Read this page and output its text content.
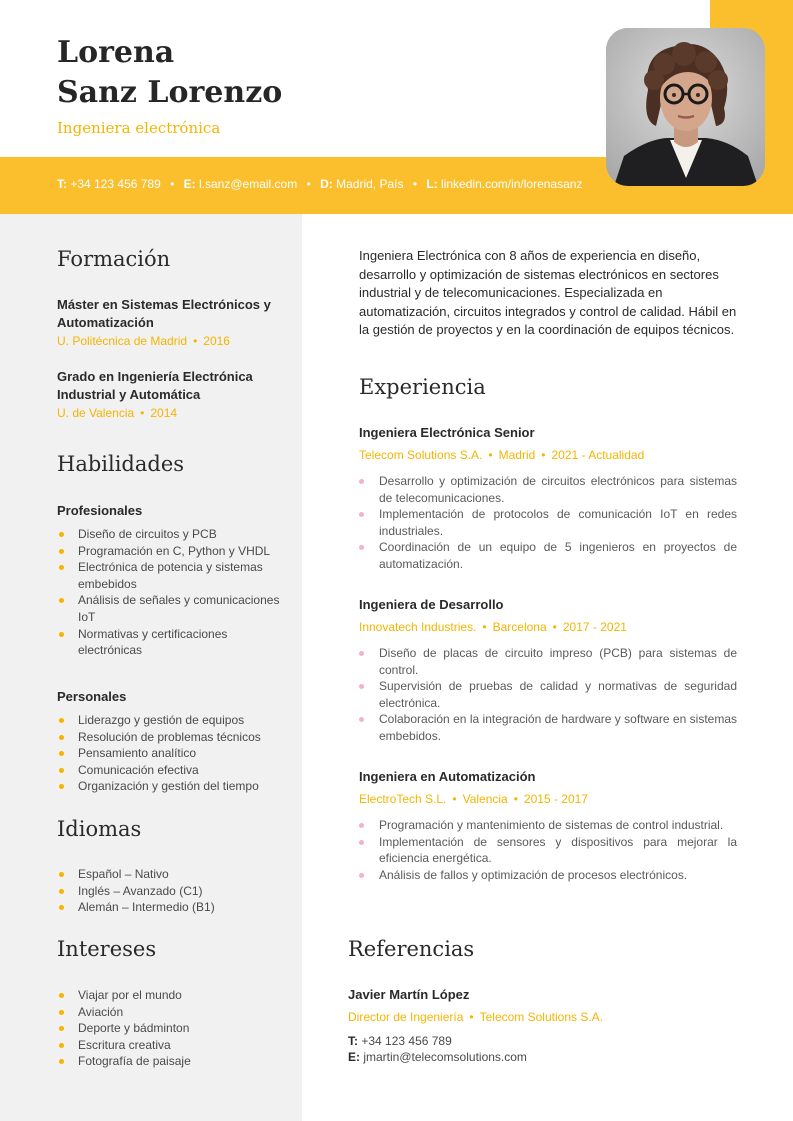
Lorena
Sanz Lorenzo
Ingeniera electrónica
T: +34 123 456 789 • E: l.sanz@email.com • D: Madrid, País • L: linkedin.com/in/lorenasanz
Formación
Máster en Sistemas Electrónicos y Automatización
U. Politécnica de Madrid • 2016
Grado en Ingeniería Electrónica Industrial y Automática
U. de Valencia • 2014
Habilidades
Profesionales
Diseño de circuitos y PCB
Programación en C, Python y VHDL
Electrónica de potencia y sistemas embebidos
Análisis de señales y comunicaciones IoT
Normativas y certificaciones electrónicas
Personales
Liderazgo y gestión de equipos
Resolución de problemas técnicos
Pensamiento analítico
Comunicación efectiva
Organización y gestión del tiempo
Idiomas
Español – Nativo
Inglés – Avanzado (C1)
Alemán – Intermedio (B1)
Intereses
Viajar por el mundo
Aviación
Deporte y bádminton
Escritura creativa
Fotografía de paisaje
Ingeniera Electrónica con 8 años de experiencia en diseño, desarrollo y optimización de sistemas electrónicos en sectores industrial y de telecomunicaciones. Especializada en automatización, circuitos integrados y control de calidad. Hábil en la gestión de proyectos y en la coordinación de equipos técnicos.
Experiencia
Ingeniera Electrónica Senior
Telecom Solutions S.A. • Madrid • 2021 - Actualidad
Desarrollo y optimización de circuitos electrónicos para sistemas de telecomunicaciones.
Implementación de protocolos de comunicación IoT en redes industriales.
Coordinación de un equipo de 5 ingenieros en proyectos de automatización.
Ingeniera de Desarrollo
Innovatech Industries. • Barcelona • 2017 - 2021
Diseño de placas de circuito impreso (PCB) para sistemas de control.
Supervisión de pruebas de calidad y normativas de seguridad electrónica.
Colaboración en la integración de hardware y software en sistemas embebidos.
Ingeniera en Automatización
ElectroTech S.L. • Valencia • 2015 - 2017
Programación y mantenimiento de sistemas de control industrial.
Implementación de sensores y dispositivos para mejorar la eficiencia energética.
Análisis de fallos y optimización de procesos electrónicos.
Referencias
Javier Martín López
Director de Ingeniería • Telecom Solutions S.A.
T: +34 123 456 789
E: jmartin@telecomsolutions.com
